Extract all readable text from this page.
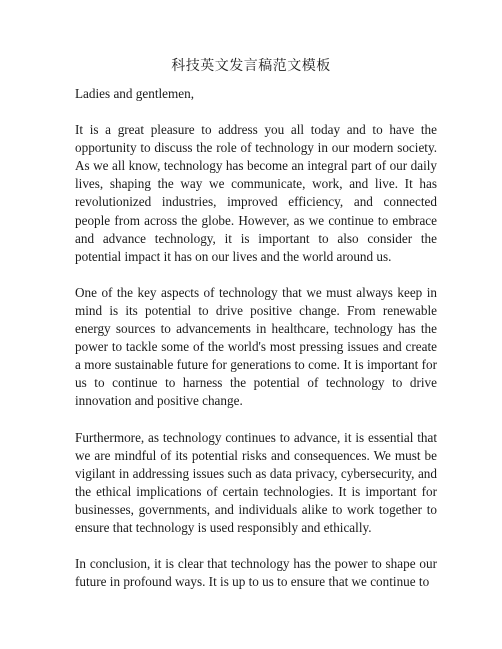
科技英文发言稿范文模板

Ladies and gentlemen,

It is a great pleasure to address you all today and to have the opportunity to discuss the role of technology in our modern society. As we all know, technology has become an integral part of our daily lives, shaping the way we communicate, work, and live. It has revolutionized industries, improved efficiency, and connected people from across the globe. However, as we continue to embrace and advance technology, it is important to also consider the potential impact it has on our lives and the world around us.

One of the key aspects of technology that we must always keep in mind is its potential to drive positive change. From renewable energy sources to advancements in healthcare, technology has the power to tackle some of the world's most pressing issues and create a more sustainable future for generations to come. It is important for us to continue to harness the potential of technology to drive innovation and positive change.

Furthermore, as technology continues to advance, it is essential that we are mindful of its potential risks and consequences. We must be vigilant in addressing issues such as data privacy, cybersecurity, and the ethical implications of certain technologies. It is important for businesses, governments, and individuals alike to work together to ensure that technology is used responsibly and ethically.

In conclusion, it is clear that technology has the power to shape our future in profound ways. It is up to us to ensure that we continue to
